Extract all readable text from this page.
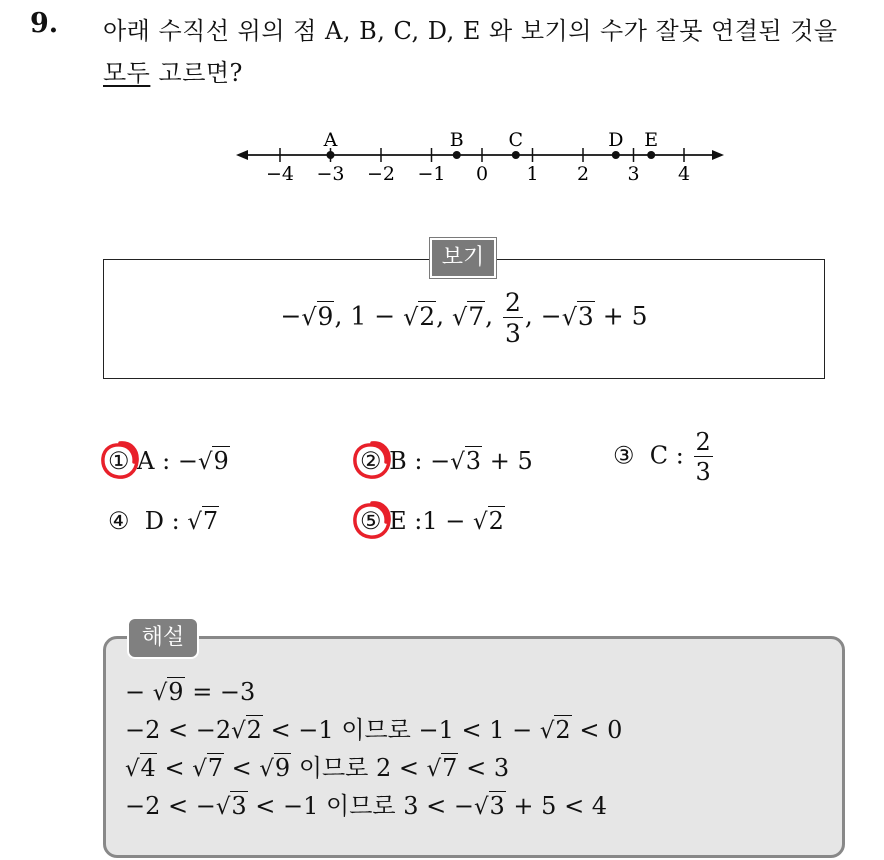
9. 아래 수직선 위의 점 A, B, C, D, E 와 보기의 수가 잘못 연결된 것을
모두 고르면?
−4 −3 −2 −1 0 1 2 3 4
A	B C	D E
−√9, 1 − √2, √7, $\frac{2}{3}$ , −√3 + 5
보기
① A : −√9	② B : −√3 + 5	③ C : $\frac{2}{3}$
④ D : √7	⑤ E :1 − √2
해설
− √9 = −3
−2 < −2√2 < −1 이므로 −1 < 1 − √2 < 0
√4 < √7 < √9 이므로 2 < √7 < 3
−2 < −√3 < −1 이므로 3 < −√3 + 5 < 4
